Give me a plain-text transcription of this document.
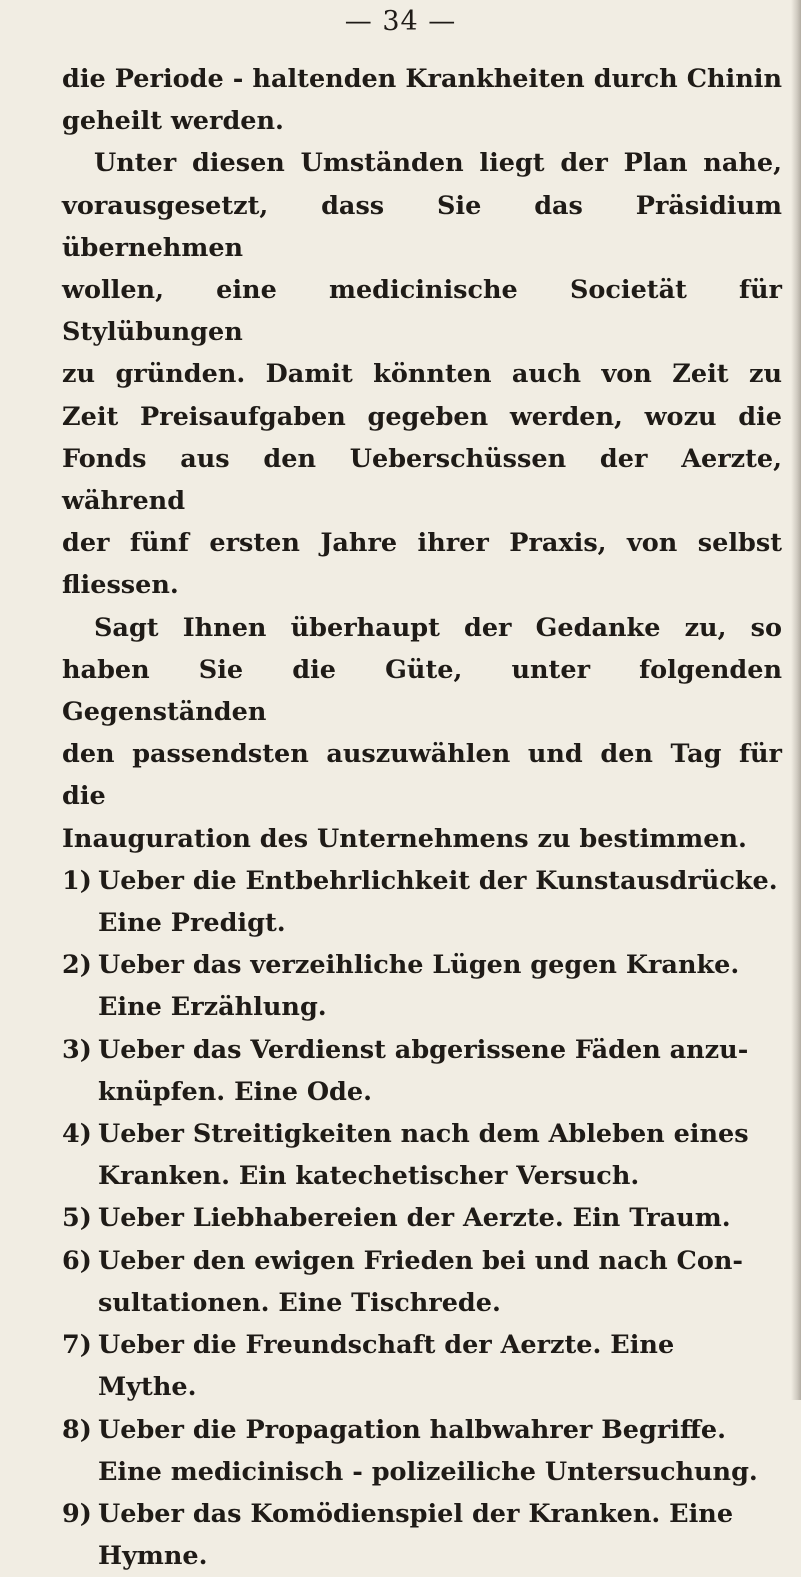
— 34 —
die Periode - haltenden Krankheiten durch Chinin
geheilt werden.
Unter diesen Umständen liegt der Plan nahe,
vorausgesetzt, dass Sie das Präsidium übernehmen
wollen, eine medicinische Societät für Stylübungen
zu gründen. Damit könnten auch von Zeit zu
Zeit Preisaufgaben gegeben werden, wozu die
Fonds aus den Ueberschüssen der Aerzte, während
der fünf ersten Jahre ihrer Praxis, von selbst
fliessen.
Sagt Ihnen überhaupt der Gedanke zu, so
haben Sie die Güte, unter folgenden Gegenständen
den passendsten auszuwählen und den Tag für die
Inauguration des Unternehmens zu bestimmen.
1) Ueber die Entbehrlichkeit der Kunstausdrücke.
Eine Predigt.
2) Ueber das verzeihliche Lügen gegen Kranke.
Eine Erzählung.
3) Ueber das Verdienst abgerissene Fäden anzu-
knüpfen. Eine Ode.
4) Ueber Streitigkeiten nach dem Ableben eines
Kranken. Ein katechetischer Versuch.
5) Ueber Liebhabereien der Aerzte. Ein Traum.
6) Ueber den ewigen Frieden bei und nach Con-
sultationen. Eine Tischrede.
7) Ueber die Freundschaft der Aerzte. Eine
Mythe.
8) Ueber die Propagation halbwahrer Begriffe.
Eine medicinisch - polizeiliche Untersuchung.
9) Ueber das Komödienspiel der Kranken. Eine
Hymne.
